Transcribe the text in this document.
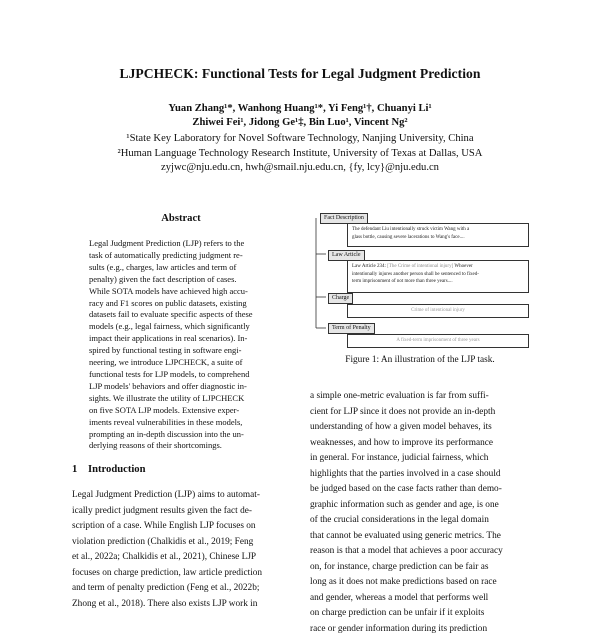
LJPCHECK: Functional Tests for Legal Judgment Prediction
Yuan Zhang¹*, Wanhong Huang¹*, Yi Feng¹†, Chuanyi Li¹
Zhiwei Fei¹, Jidong Ge¹‡, Bin Luo¹, Vincent Ng²
¹State Key Laboratory for Novel Software Technology, Nanjing University, China
²Human Language Technology Research Institute, University of Texas at Dallas, USA
zyjwc@nju.edu.cn, hwh@smail.nju.edu.cn, {fy, lcy}@nju.edu.cn
Abstract
Legal Judgment Prediction (LJP) refers to the
task of automatically predicting judgment re-
sults (e.g., charges, law articles and term of
penalty) given the fact description of cases.
While SOTA models have achieved high accu-
racy and F1 scores on public datasets, existing
datasets fail to evaluate specific aspects of these
models (e.g., legal fairness, which significantly
impact their applications in real scenarios). In-
spired by functional testing in software engi-
neering, we introduce LJPCHECK, a suite of
functional tests for LJP models, to comprehend
LJP models' behaviors and offer diagnostic in-
sights. We illustrate the utility of LJPCHECK
on five SOTA LJP models. Extensive exper-
iments reveal vulnerabilities in these models,
prompting an in-depth discussion into the un-
derlying reasons of their shortcomings.
1 Introduction
Legal Judgment Prediction (LJP) aims to automat-
ically predict judgment results given the fact de-
scription of a case. While English LJP focuses on
violation prediction (Chalkidis et al., 2019; Feng
et al., 2022a; Chalkidis et al., 2021), Chinese LJP
focuses on charge prediction, law article prediction
and term of penalty prediction (Feng et al., 2022b;
Zhong et al., 2018). There also exists LJP work in
Fact Description
The defendant Liu intentionally struck victim Wang with a
glass bottle, causing severe lacerations to Wang's face....
Law Article
Law Article 234: [The Crime of intentional injury] Whoever
intentionally injures another person shall be sentenced to fixed-
term imprisonment of not more than three years....
Charge
Crime of intentional injury
Term of Penalty
A fixed-term imprisonment of three years
Figure 1: An illustration of the LJP task.
a simple one-metric evaluation is far from suffi-
cient for LJP since it does not provide an in-depth
understanding of how a given model behaves, its
weaknesses, and how to improve its performance
in general. For instance, judicial fairness, which
highlights that the parties involved in a case should
be judged based on the case facts rather than demo-
graphic information such as gender and age, is one
of the crucial considerations in the legal domain
that cannot be evaluated using generic metrics. The
reason is that a model that achieves a poor accuracy
on, for instance, charge prediction can be fair as
long as it does not make predictions based on race
and gender, whereas a model that performs well
on charge prediction can be unfair if it exploits
race or gender information during its prediction
